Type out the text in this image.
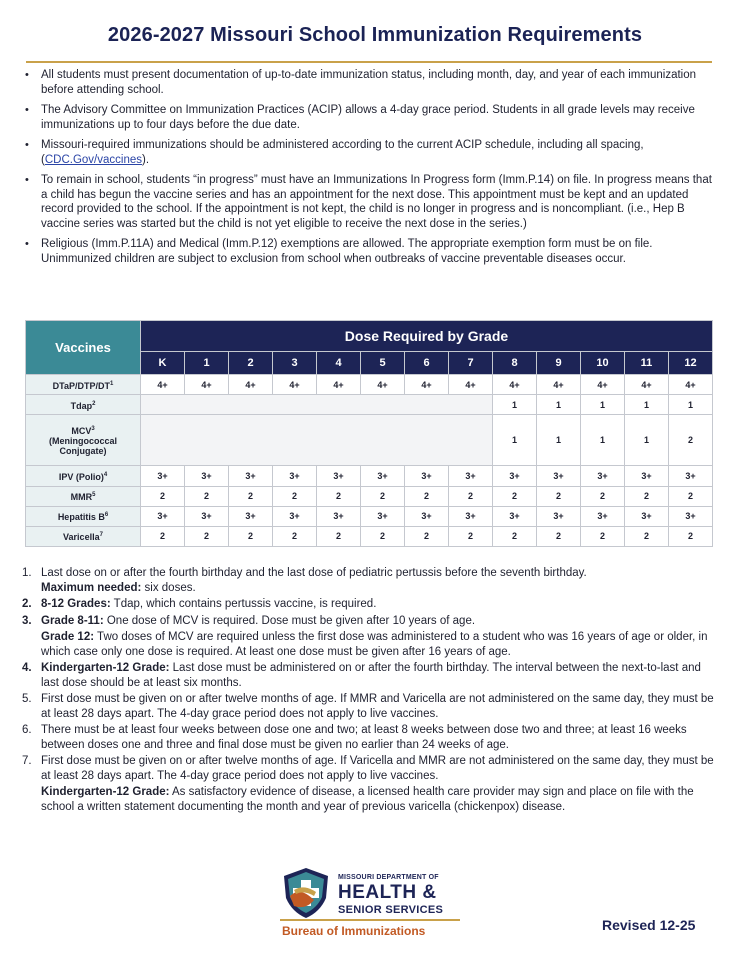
2026-2027 Missouri School Immunization Requirements
• All students must present documentation of up-to-date immunization status, including month, day, and year of each immunization before attending school.
• The Advisory Committee on Immunization Practices (ACIP) allows a 4-day grace period. Students in all grade levels may receive immunizations up to four days before the due date.
• Missouri-required immunizations should be administered according to the current ACIP schedule, including all spacing, (CDC.Gov/vaccines).
• To remain in school, students “in progress” must have an Immunizations In Progress form (Imm.P.14) on file. In progress means that a child has begun the vaccine series and has an appointment for the next dose. This appointment must be kept and an updated record provided to the school. If the appointment is not kept, the child is no longer in progress and is noncompliant. (i.e., Hep B vaccine series was started but the child is not yet eligible to receive the next dose in the series.)
• Religious (Imm.P.11A) and Medical (Imm.P.12) exemptions are allowed. The appropriate exemption form must be on file. Unimmunized children are subject to exclusion from school when outbreaks of vaccine preventable diseases occur.
Vaccines	Dose Required by Grade												
	K	1	2	3	4	5	6	7	8	9	10	11	12
DTaP/$DTP/DT^1$	4+	4+	4+	4+	4+	4+	4+	4+	4+	4+	4+	4+	4+
Tdap$^2$									1	1	1	1	1
MCV$^3$
(Meningococcal
Conjugate)									1	1	1	1	2
IPV (Polio)$^4$	3+	3+	3+	3+	3+	3+	3+	3+	3+	3+	3+	3+	3+
$MMR^5$	2	2	2	2	2	2	2	2	2	2	2	2	2
Hepatitis $B^6$	3+	3+	3+	3+	3+	3+	3+	3+	3+	3+	3+	3+	3+
Varicella$^7$	2	2	2	2	2	2	2	2	2	2	2	2	2
1. Last dose on or after the fourth birthday and the last dose of pediatric pertussis before the seventh birthday.
Maximum needed: six doses.
2. 8-12 Grades: Tdap, which contains pertussis vaccine, is required.
3. Grade 8-11: One dose of MCV is required. Dose must be given after 10 years of age.
Grade 12: Two doses of MCV are required unless the first dose was administered to a student who was 16 years of age or older, in which case only one dose is required. At least one dose must be given after 16 years of age.
4. Kindergarten-12 Grade: Last dose must be administered on or after the fourth birthday. The interval between the next-to-last and last dose should be at least six months.
5. First dose must be given on or after twelve months of age. If MMR and Varicella are not administered on the same day, they must be at least 28 days apart. The 4-day grace period does not apply to live vaccines.
6. There must be at least four weeks between dose one and two; at least 8 weeks between dose two and three; at least 16 weeks between doses one and three and final dose must be given no earlier than 24 weeks of age.
7. First dose must be given on or after twelve months of age. If Varicella and MMR are not administered on the same day, they must be at least 28 days apart. The 4-day grace period does not apply to live vaccines.
Kindergarten-12 Grade: As satisfactory evidence of disease, a licensed health care provider may sign and place on file with the school a written statement documenting the month and year of previous varicella (chickenpox) disease.
MISSOURI DEPARTMENT OF
HEALTH &
SENIOR SERVICES
Bureau of Immunizations	Revised 12-25
